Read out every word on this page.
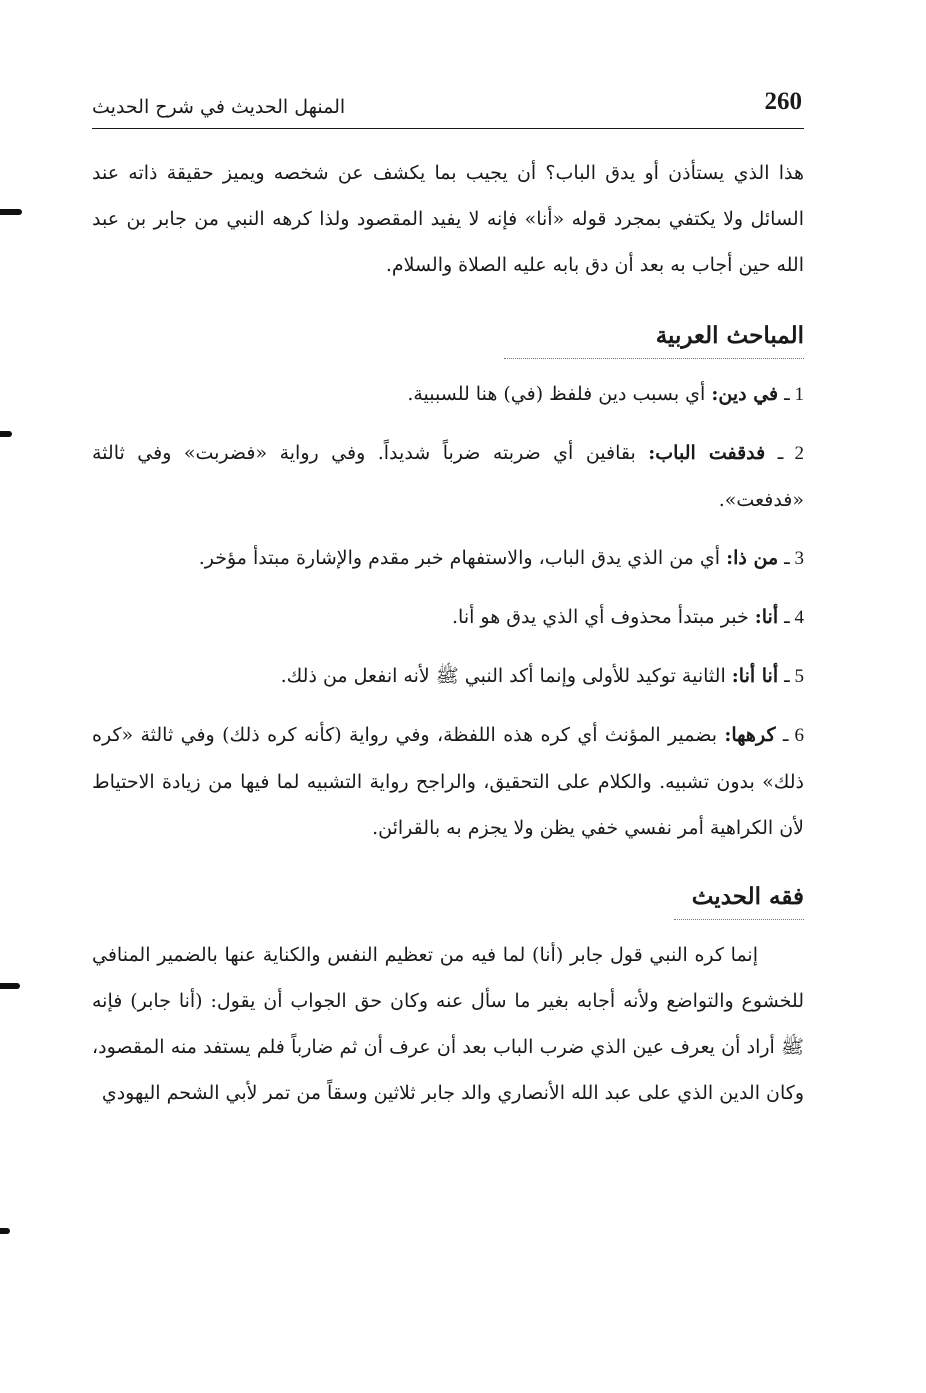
260
المنهل الحديث في شرح الحديث

هذا الذي يستأذن أو يدق الباب؟ أن يجيب بما يكشف عن شخصه ويميز حقيقة ذاته عند السائل ولا يكتفي بمجرد قوله «أنا» فإنه لا يفيد المقصود ولذا كرهه النبي من جابر بن عبد الله حين أجاب به بعد أن دق بابه عليه الصلاة والسلام.

المباحث العربية

1 ـ في دين: أي بسبب دين فلفظ (في) هنا للسببية.

2 ـ فدقفت الباب: بقافين أي ضربته ضرباً شديداً. وفي رواية «فضربت» وفي ثالثة «فدفعت».

3 ـ من ذا: أي من الذي يدق الباب، والاستفهام خبر مقدم والإشارة مبتدأ مؤخر.

4 ـ أنا: خبر مبتدأ محذوف أي الذي يدق هو أنا.

5 ـ أنا أنا: الثانية توكيد للأولى وإنما أكد النبي ﷺ لأنه انفعل من ذلك.

6 ـ كرهها: بضمير المؤنث أي كره هذه اللفظة، وفي رواية (كأنه كره ذلك) وفي ثالثة «كره ذلك» بدون تشبيه. والكلام على التحقيق، والراجح رواية التشبيه لما فيها من زيادة الاحتياط لأن الكراهية أمر نفسي خفي يظن ولا يجزم به بالقرائن.

فقه الحديث

إنما كره النبي قول جابر (أنا) لما فيه من تعظيم النفس والكناية عنها بالضمير المنافي للخشوع والتواضع ولأنه أجابه بغير ما سأل عنه وكان حق الجواب أن يقول: (أنا جابر) فإنه ﷺ أراد أن يعرف عين الذي ضرب الباب بعد أن عرف أن ثم ضارباً فلم يستفد منه المقصود، وكان الدين الذي على عبد الله الأنصاري والد جابر ثلاثين وسقاً من تمر لأبي الشحم اليهودي
